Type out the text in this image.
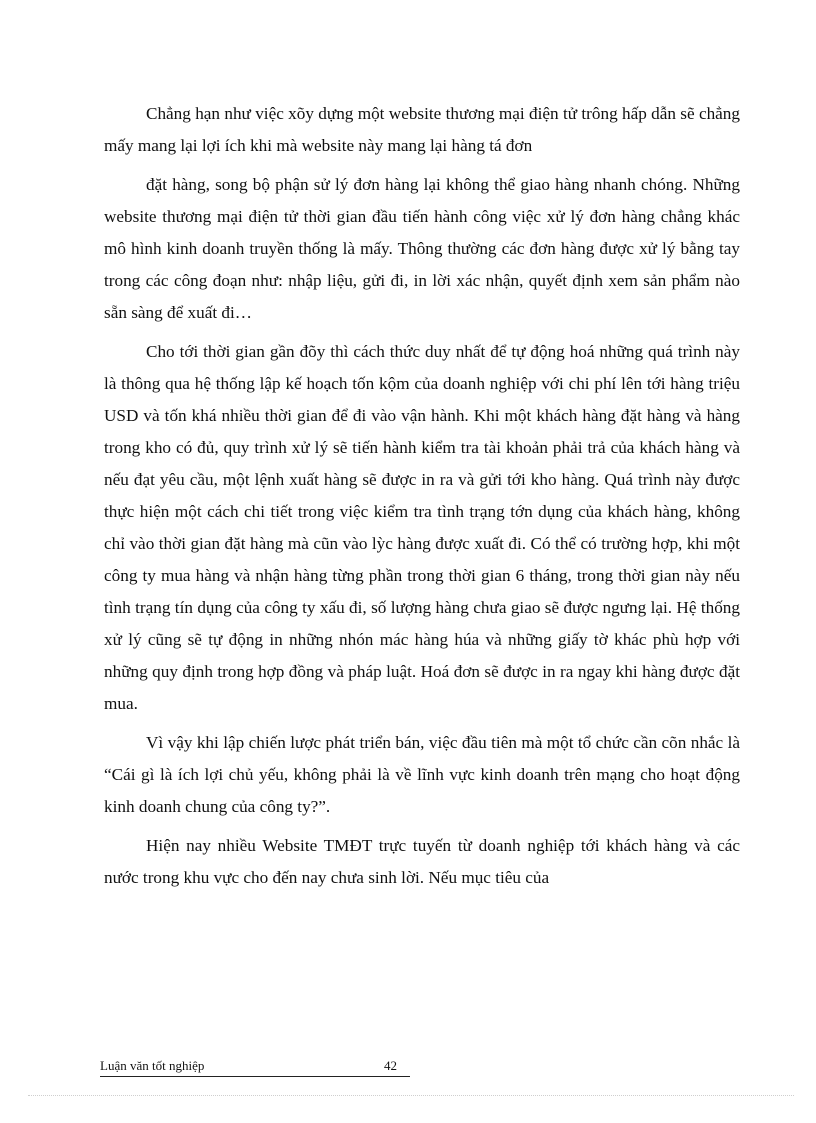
Chẳng hạn như việc xõy dựng một website thương mại điện tử trông hấp dẫn sẽ chẳng mấy mang lại lợi ích khi mà website này mang lại hàng tá đơn

đặt hàng, song bộ phận sử lý đơn hàng lại không thể giao hàng nhanh chóng. Những website thương mại điện tử thời gian đầu tiến hành công việc xử lý đơn hàng chẳng khác mô hình kinh doanh truyền thống là mấy. Thông thường các đơn hàng được xử lý bằng tay trong các công đoạn như: nhập liệu, gửi đi, in lời xác nhận, quyết định xem sản phẩm nào sẵn sàng để xuất đi…

Cho tới thời gian gần đõy thì cách thức duy nhất để tự động hoá những quá trình này là thông qua hệ thống lập kế hoạch tốn kộm của doanh nghiệp với chi phí lên tới hàng triệu USD và tốn khá nhiều thời gian để đi vào vận hành. Khi một khách hàng đặt hàng và hàng trong kho có đủ, quy trình xử lý sẽ tiến hành kiểm tra tài khoản phải trả của khách hàng và nếu đạt yêu cầu, một lệnh xuất hàng sẽ được in ra và gửi tới kho hàng. Quá trình này được thực hiện một cách chi tiết trong việc kiểm tra tình trạng tớn dụng của khách hàng, không chỉ vào thời gian đặt hàng mà cũn vào lỳc hàng được xuất đi. Có thể có trường hợp, khi một công ty mua hàng và nhận hàng từng phần trong thời gian 6 tháng, trong thời gian này nếu tình trạng tín dụng của công ty xấu đi, số lượng hàng chưa giao sẽ được ngưng lại. Hệ thống xử lý cũng sẽ tự động in những nhón mác hàng húa và những giấy tờ khác phù hợp với những quy định trong hợp đồng và pháp luật. Hoá đơn sẽ được in ra ngay khi hàng được đặt mua.

Vì vậy khi lập chiến lược phát triển bán, việc đầu tiên mà một tổ chức cần cõn nhắc là “Cái gì là ích lợi chủ yếu, không phải là về lĩnh vực kinh doanh trên mạng cho hoạt động kinh doanh chung của công ty?”.

Hiện nay nhiều Website TMĐT trực tuyến từ doanh nghiệp tới khách hàng và các nước trong khu vực cho đến nay chưa sinh lời. Nếu mục tiêu của

Luận văn tốt nghiệp	42
